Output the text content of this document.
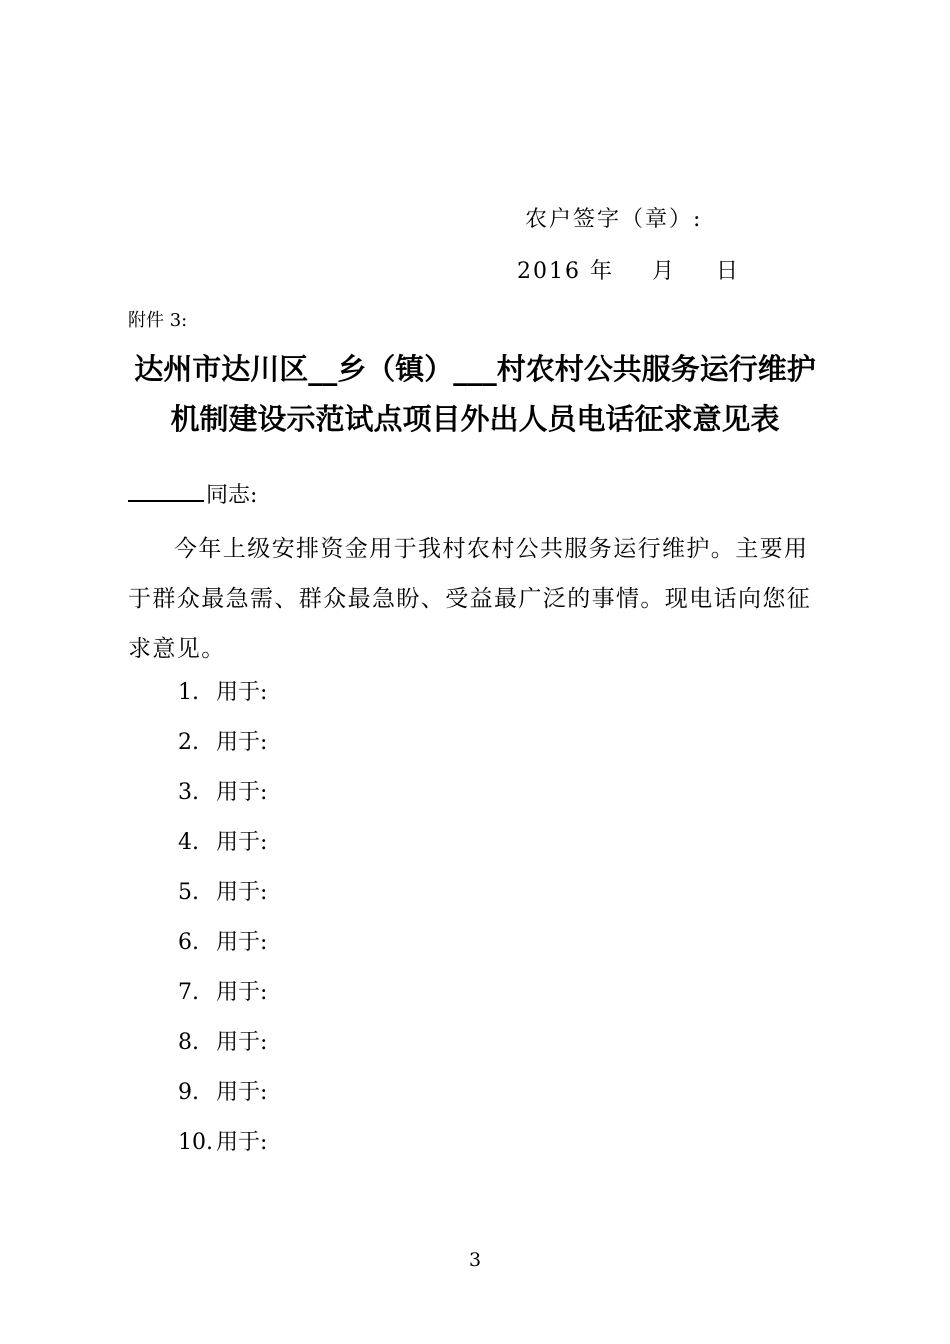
农户签字（章）:
2016 年 月 日
附件 3:
达州市达川区__乡（镇）___村农村公共服务运行维护
机制建设示范试点项目外出人员电话征求意见表
同志:
今年上级安排资金用于我村农村公共服务运行维护。主要用于群众最急需、群众最急盼、受益最广泛的事情。现电话向您征求意见。
1. 用于:
2. 用于:
3. 用于:
4. 用于:
5. 用于:
6. 用于:
7. 用于:
8. 用于:
9. 用于:
10. 用于:
3
